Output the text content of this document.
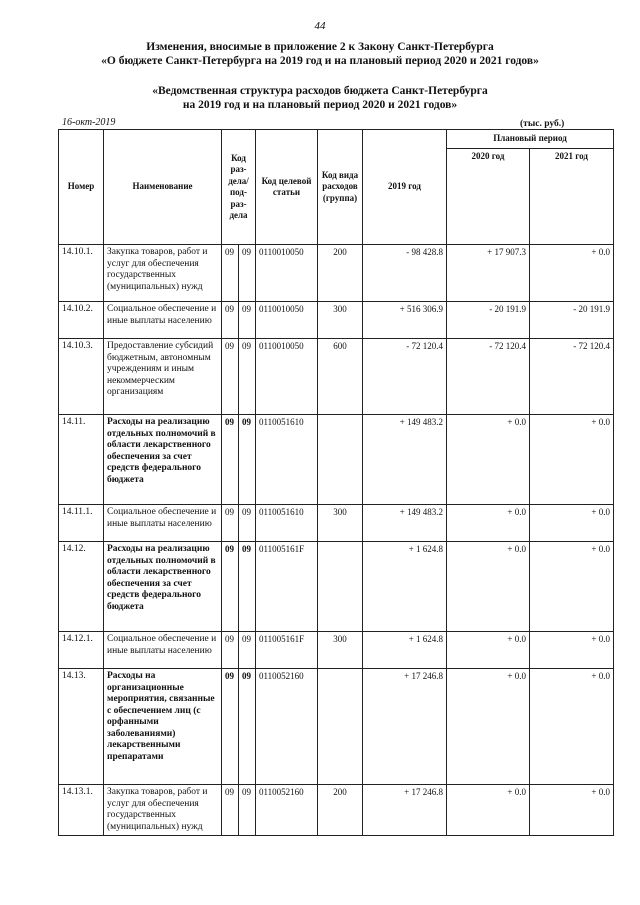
44
Изменения, вносимые в приложение 2 к Закону Санкт-Петербурга
«О бюджете Санкт-Петербурга на 2019 год и на плановый период 2020 и 2021 годов»
«Ведомственная структура расходов бюджета Санкт-Петербурга
на 2019 год и на плановый период 2020 и 2021 годов»
16-окт-2019	(тыс. руб.)
Номер	Наименование	Код раз-дела/под-раз-дела		Код целевой статьи	Код вида расходов (группа)	2019 год	Плановый период	
							2020 год	2021 год
14.10.1.	Закупка товаров, работ и услуг для обеспечения государственных (муниципальных) нужд	09	09	0110010050	200	- 98 428.8	+ 17 907.3	+ 0.0
14.10.2.	Социальное обеспечение и иные выплаты населению	09	09	0110010050	300	+ 516 306.9	- 20 191.9	- 20 191.9
14.10.3.	Предоставление субсидий бюджетным, автономным учреждениям и иным некоммерческим организациям	09	09	0110010050	600	- 72 120.4	- 72 120.4	- 72 120.4
14.11.	Расходы на реализацию отдельных полномочий в области лекарственного обеспечения за счет средств федерального бюджета	09	09	0110051610		+ 149 483.2	+ 0.0	+ 0.0
14.11.1.	Социальное обеспечение и иные выплаты населению	09	09	0110051610	300	+ 149 483.2	+ 0.0	+ 0.0
14.12.	Расходы на реализацию отдельных полномочий в области лекарственного обеспечения за счет средств федерального бюджета	09	09	011005161F		+ 1 624.8	+ 0.0	+ 0.0
14.12.1.	Социальное обеспечение и иные выплаты населению	09	09	011005161F	300	+ 1 624.8	+ 0.0	+ 0.0
14.13.	Расходы на организационные мероприятия, связанные с обеспечением лиц (с орфанными заболеваниями) лекарственными препаратами	09	09	0110052160		+ 17 246.8	+ 0.0	+ 0.0
14.13.1.	Закупка товаров, работ и услуг для обеспечения государственных (муниципальных) нужд	09	09	0110052160	200	+ 17 246.8	+ 0.0	+ 0.0
